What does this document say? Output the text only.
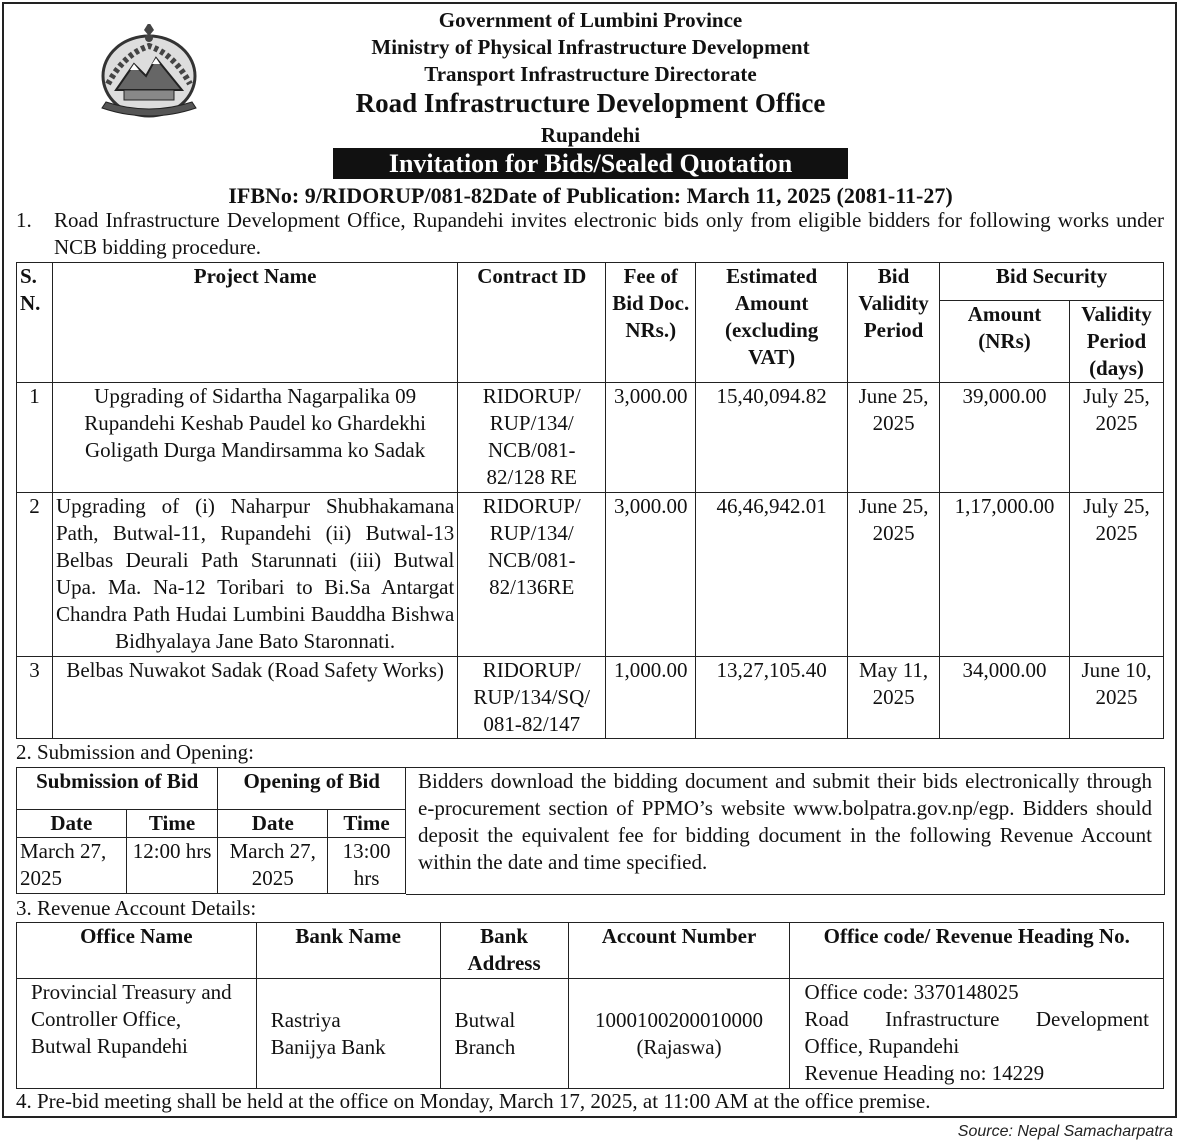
Government of Lumbini Province
Ministry of Physical Infrastructure Development
Transport Infrastructure Directorate
Road Infrastructure Development Office
Rupandehi
Invitation for Bids/Sealed Quotation
IFBNo: 9/RIDORUP/081-82Date of Publication: March 11, 2025 (2081-11-27)
1. Road Infrastructure Development Office, Rupandehi invites electronic bids only from eligible bidders for following works under NCB bidding procedure.
S. N.	Project Name	Contract ID	Fee of Bid Doc. NRs.)	Estimated Amount (excluding VAT)	Bid Validity Period	Bid Security	
						Amount (NRs)	Validity Period (days)
1	Upgrading of Sidartha Nagarpalika 09 Rupandehi Keshab Paudel ko Ghardekhi Goligath Durga Mandirsamma ko Sadak	RIDORUP/ RUP/134/ NCB/081-82/128 RE	3,000.00	15,40,094.82	June 25, 2025	39,000.00	July 25, 2025
2	Upgrading of (i) Naharpur Shubhakamana Path, Butwal-11, Rupandehi (ii) Butwal-13 Belbas Deurali Path Starunnati (iii) Butwal Upa. Ma. Na-12 Toribari to Bi.Sa Antargat Chandra Path Hudai Lumbini Bauddha Bishwa Bidhyalaya Jane Bato Staronnati.	RIDORUP/ RUP/134/ NCB/081-82/136RE	3,000.00	46,46,942.01	June 25, 2025	1,17,000.00	July 25, 2025
3	Belbas Nuwakot Sadak (Road Safety Works)	RIDORUP/ RUP/134/SQ/ 081-82/147	1,000.00	13,27,105.40	May 11, 2025	34,000.00	June 10, 2025
2. Submission and Opening:
Submission of Bid		Opening of Bid	
Date	Time	Date	Time
March 27, 2025	12:00 hrs	March 27, 2025	13:00 hrs
Bidders download the bidding document and submit their bids electronically through e-procurement section of PPMO’s website www.bolpatra.gov.np/egp. Bidders should deposit the equivalent fee for bidding document in the following Revenue Account within the date and time specified.
3. Revenue Account Details:
Office Name	Bank Name	Bank Address	Account Number	Office code/ Revenue Heading No.
Provincial Treasury and Controller Office, Butwal Rupandehi	Rastriya Banijya Bank	Butwal Branch	1000100200010000 (Rajaswa)	Office code: 3370148025
Road Infrastructure Development Office, Rupandehi
Revenue Heading no: 14229
4. Pre-bid meeting shall be held at the office on Monday, March 17, 2025, at 11:00 AM at the office premise.
Source: Nepal Samacharpatra
